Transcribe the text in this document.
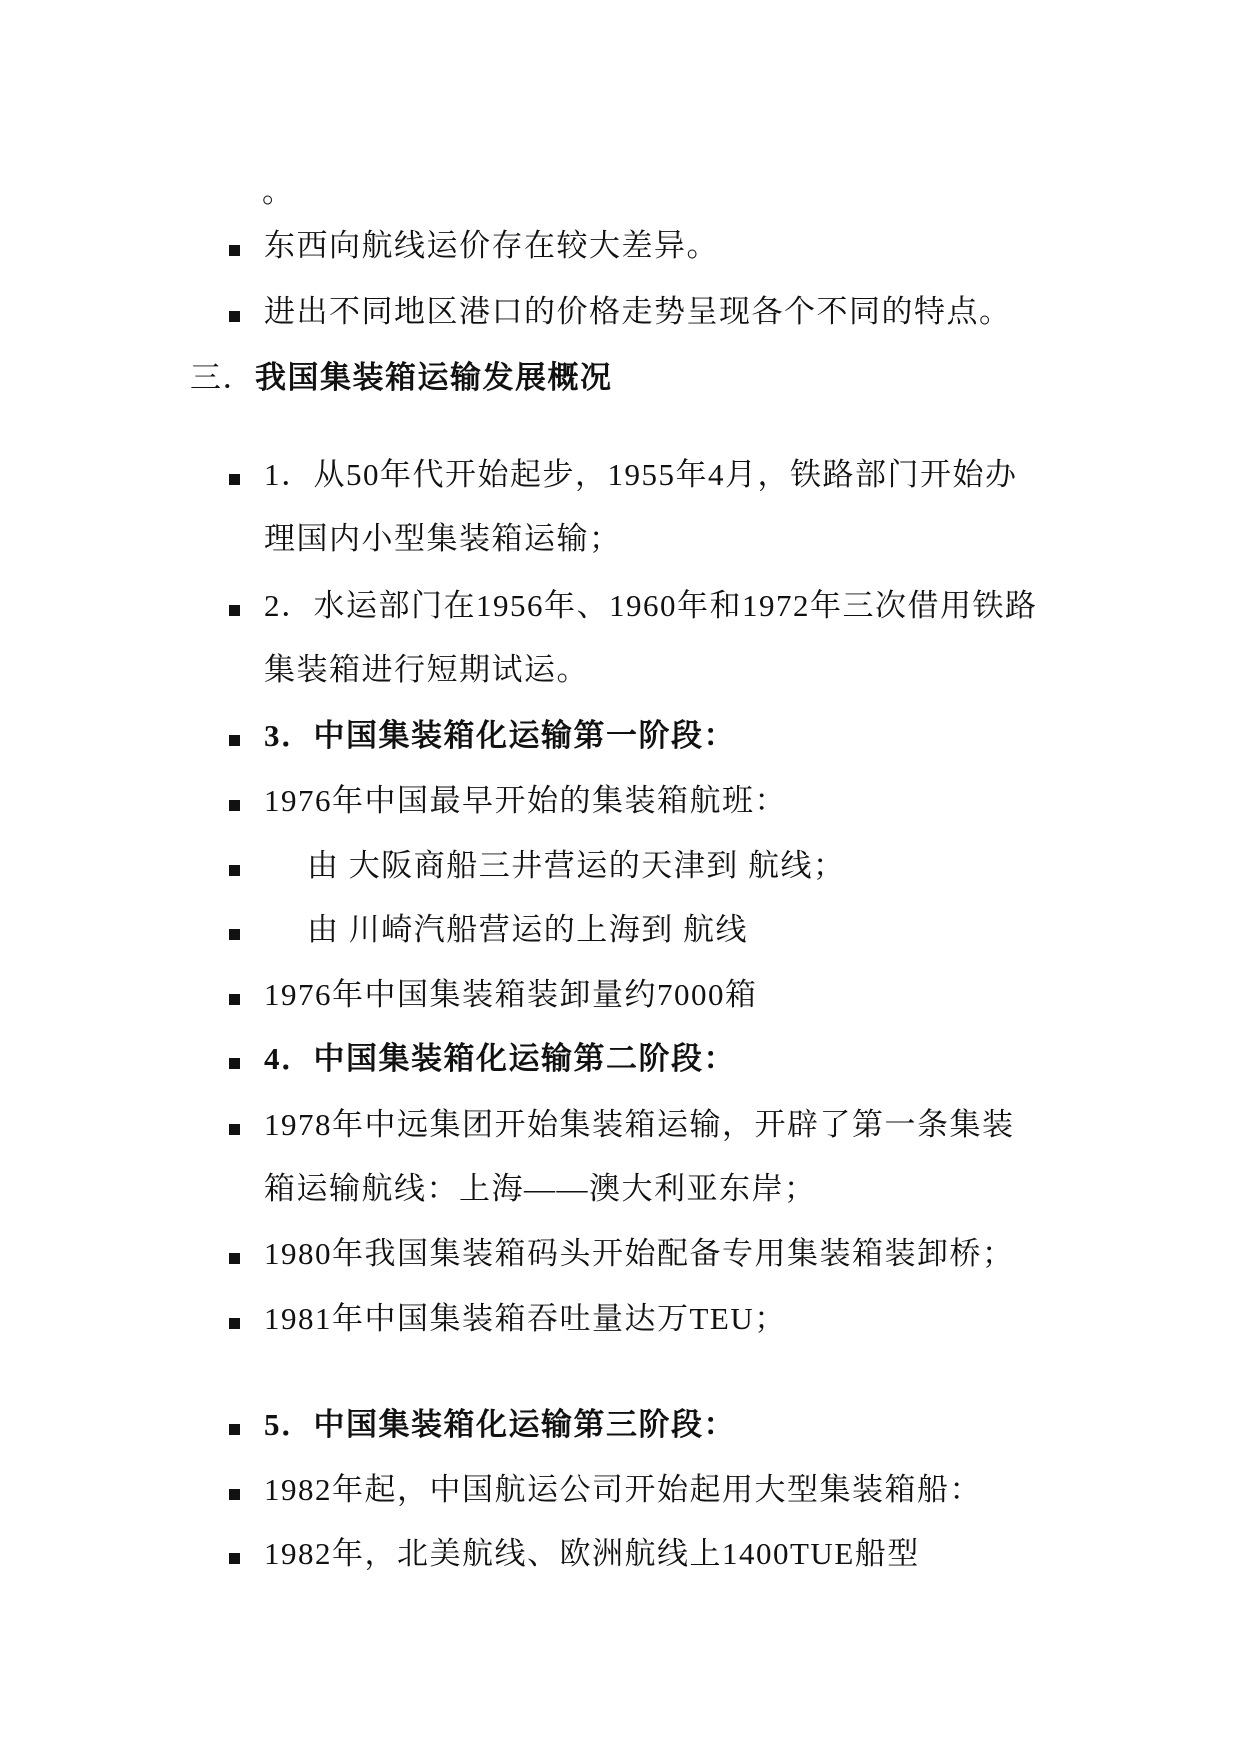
。
东西向航线运价存在较大差异。
进出不同地区港口的价格走势呈现各个不同的特点。
三．我国集装箱运输发展概况
1．从50年代开始起步，1955年4月，铁路部门开始办
理国内小型集装箱运输；
2．水运部门在1956年、1960年和1972年三次借用铁路
集装箱进行短期试运。
3．中国集装箱化运输第一阶段：
1976年中国最早开始的集装箱航班：
由 大阪商船三井营运的天津到 航线；
由 川崎汽船营运的上海到 航线
1976年中国集装箱装卸量约7000箱
4．中国集装箱化运输第二阶段：
1978年中远集团开始集装箱运输，开辟了第一条集装
箱运输航线：上海——澳大利亚东岸；
1980年我国集装箱码头开始配备专用集装箱装卸桥；
1981年中国集装箱吞吐量达万TEU；
5．中国集装箱化运输第三阶段：
1982年起，中国航运公司开始起用大型集装箱船：
1982年，北美航线、欧洲航线上1400TUE船型
